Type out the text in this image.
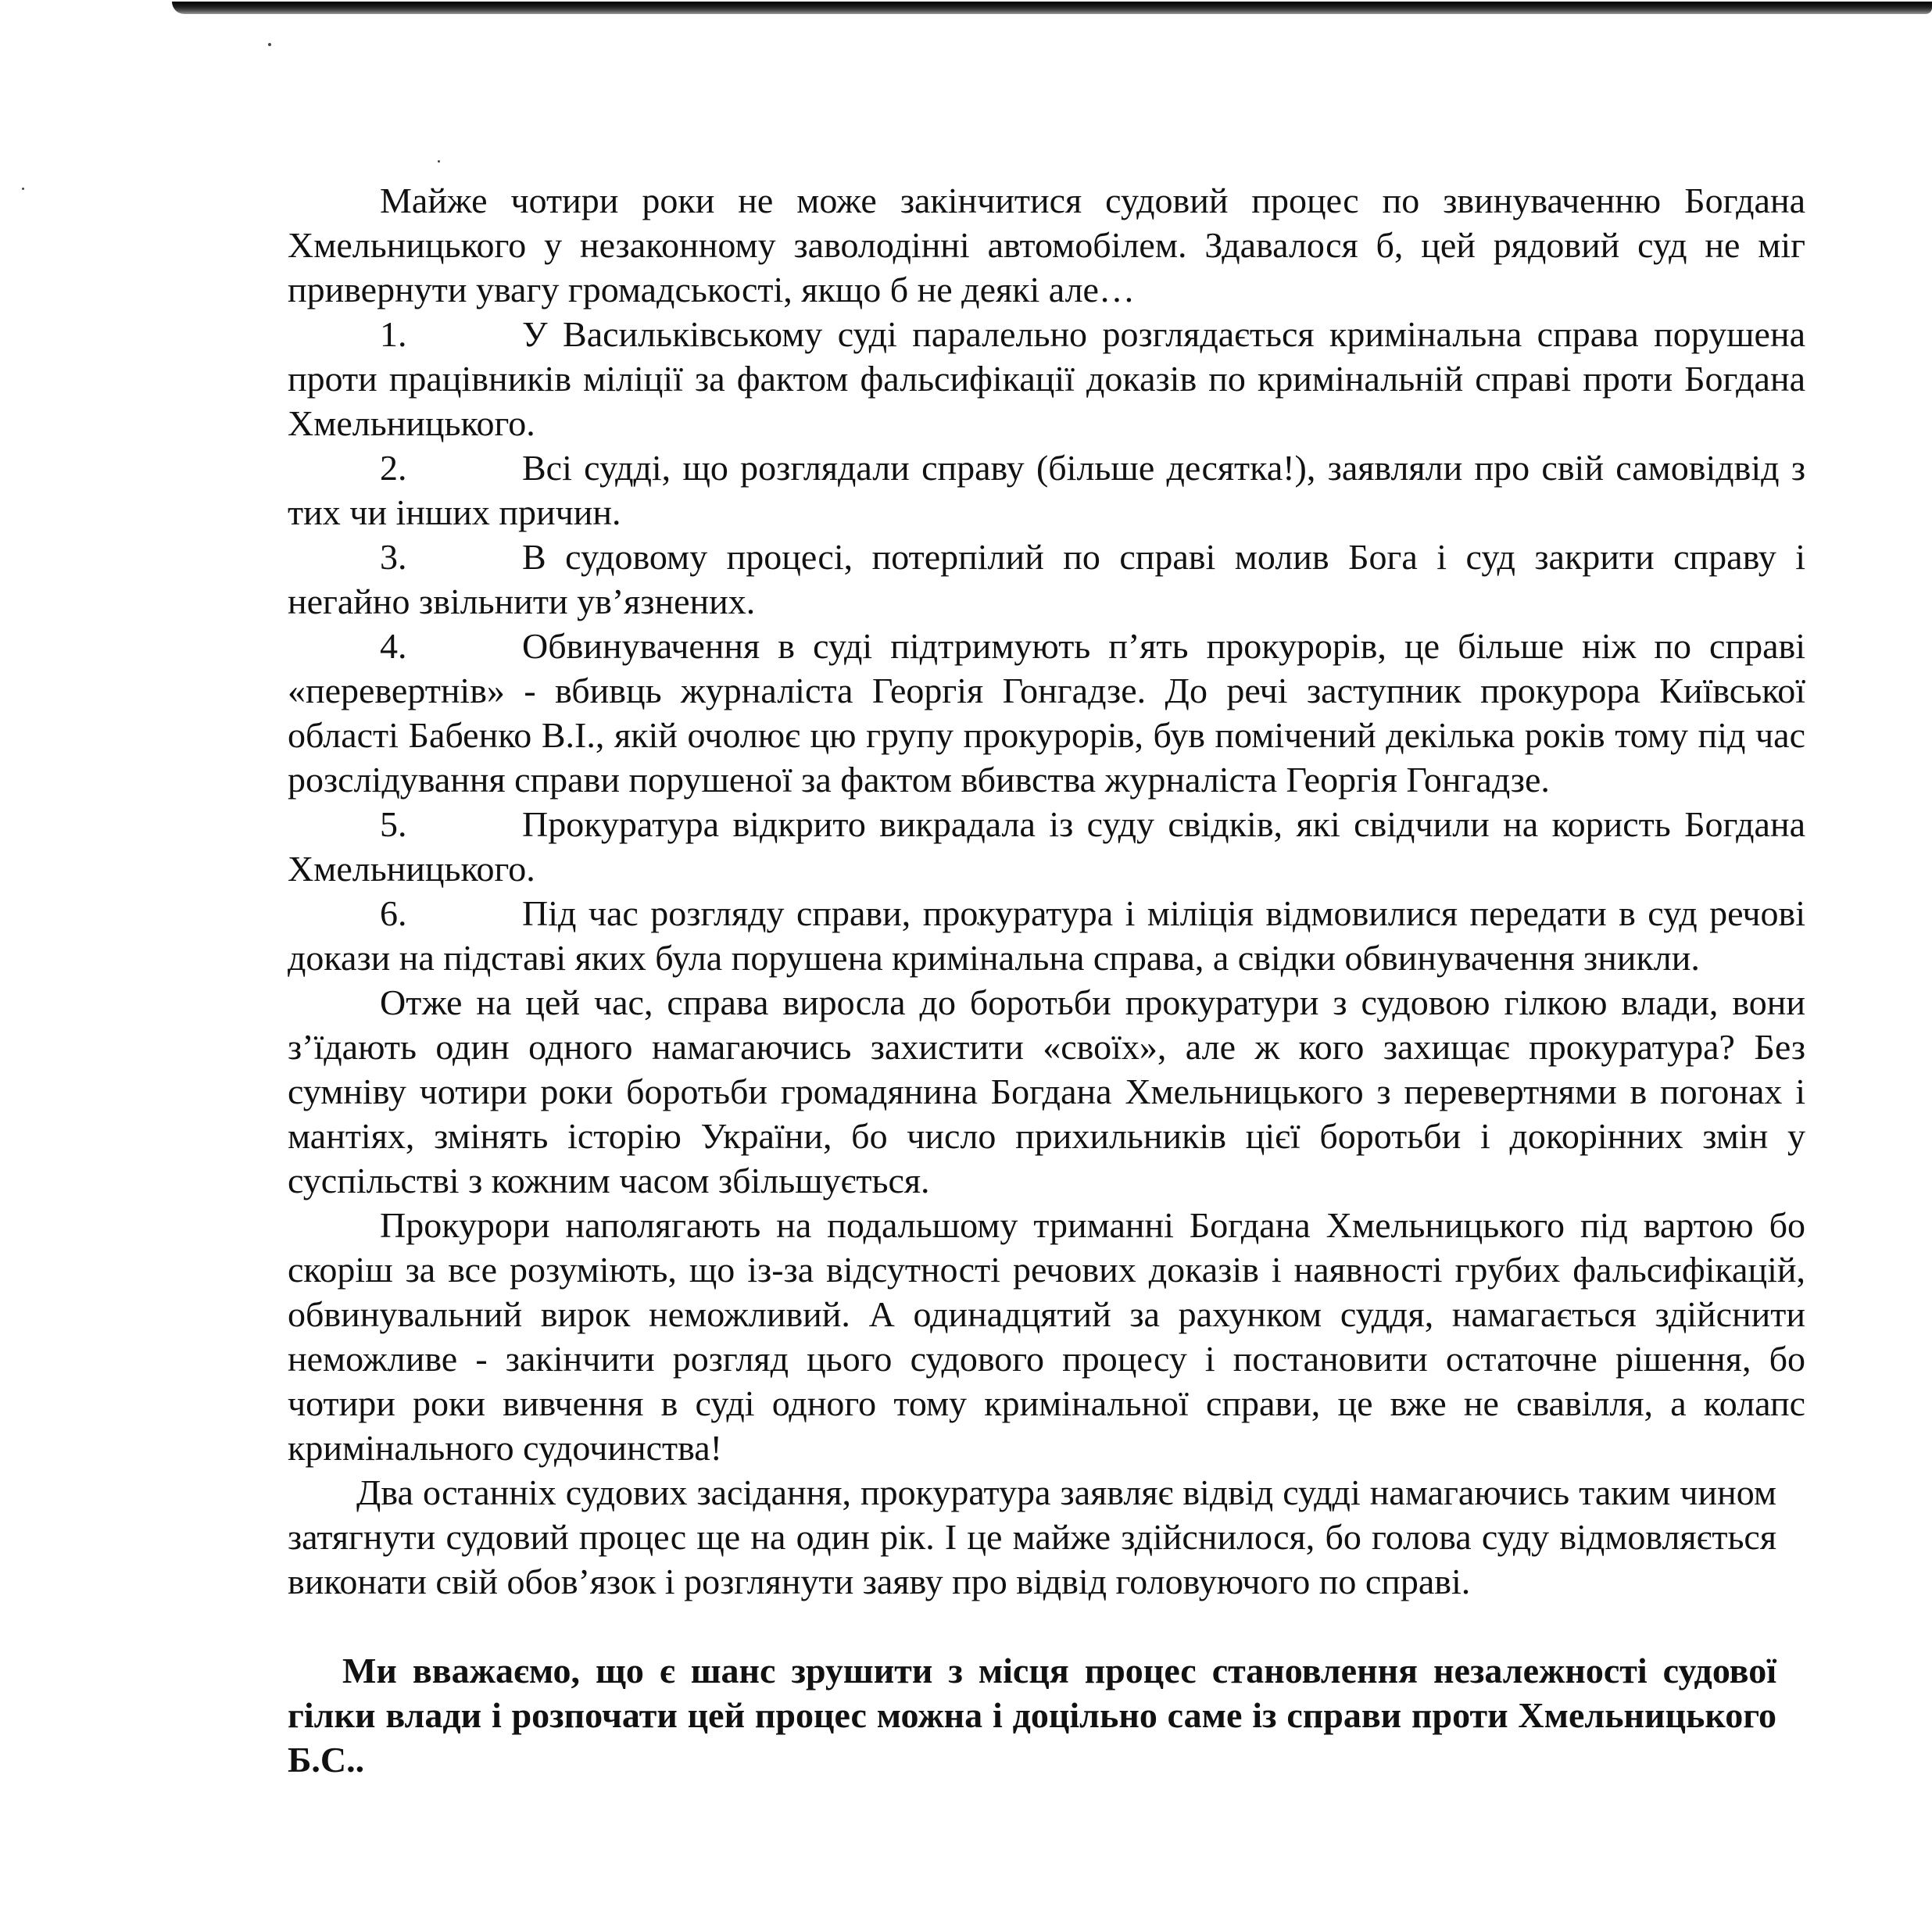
Майже чотири роки не може закінчитися судовий процес по звинуваченню Богдана Хмельницького у незаконному заволодінні автомобілем. Здавалося б, цей рядовий суд не міг привернути увагу громадськості, якщо б не деякі але…

1.	У Васильківському суді паралельно розглядається кримінальна справа порушена проти працівників міліції за фактом фальсифікації доказів по кримінальній справі проти Богдана Хмельницького.

2.	Всі судді, що розглядали справу (більше десятка!), заявляли про свій самовідвід з тих чи інших причин.

3.	В судовому процесі, потерпілий по справі молив Бога і суд закрити справу і негайно звільнити ув’язнених.

4.	Обвинувачення в суді підтримують п’ять прокурорів, це більше ніж по справі «перевертнів» - вбивць журналіста Георгія Гонгадзе. До речі заступник прокурора Київської області Бабенко В.І., якій очолює цю групу прокурорів, був помічений декілька років тому під час розслідування справи порушеної за фактом вбивства журналіста Георгія Гонгадзе.

5.	Прокуратура відкрито викрадала із суду свідків, які свідчили на користь Богдана Хмельницького.

6.	Під час розгляду справи, прокуратура і міліція відмовилися передати в суд речові докази на підставі яких була порушена кримінальна справа, а свідки обвинувачення зникли.

Отже на цей час, справа виросла до боротьби прокуратури з судовою гілкою влади, вони з’їдають один одного намагаючись захистити «своїх», але ж кого захищає прокуратура? Без сумніву чотири роки боротьби громадянина Богдана Хмельницького з перевертнями в погонах і мантіях, змінять історію України, бо число прихильників цієї боротьби і докорінних змін у суспільстві з кожним часом збільшується.

Прокурори наполягають на подальшому триманні Богдана Хмельницького під вартою бо скоріш за все розуміють, що із-за відсутності речових доказів і наявності грубих фальсифікацій, обвинувальний вирок неможливий. А одинадцятий за рахунком суддя, намагається здійснити неможливе - закінчити розгляд цього судового процесу і постановити остаточне рішення, бо чотири роки вивчення в суді одного тому кримінальної справи, це вже не свавілля, а колапс кримінального судочинства!

Два останніх судових засідання, прокуратура заявляє відвід судді намагаючись таким чином затягнути судовий процес ще на один рік. І це майже здійснилося, бо голова суду відмовляється виконати свій обов’язок і розглянути заяву про відвід головуючого по справі.

Ми вважаємо, що є шанс зрушити з місця процес становлення незалежності судової гілки влади і розпочати цей процес можна і доцільно саме із справи проти Хмельницького Б.С..
